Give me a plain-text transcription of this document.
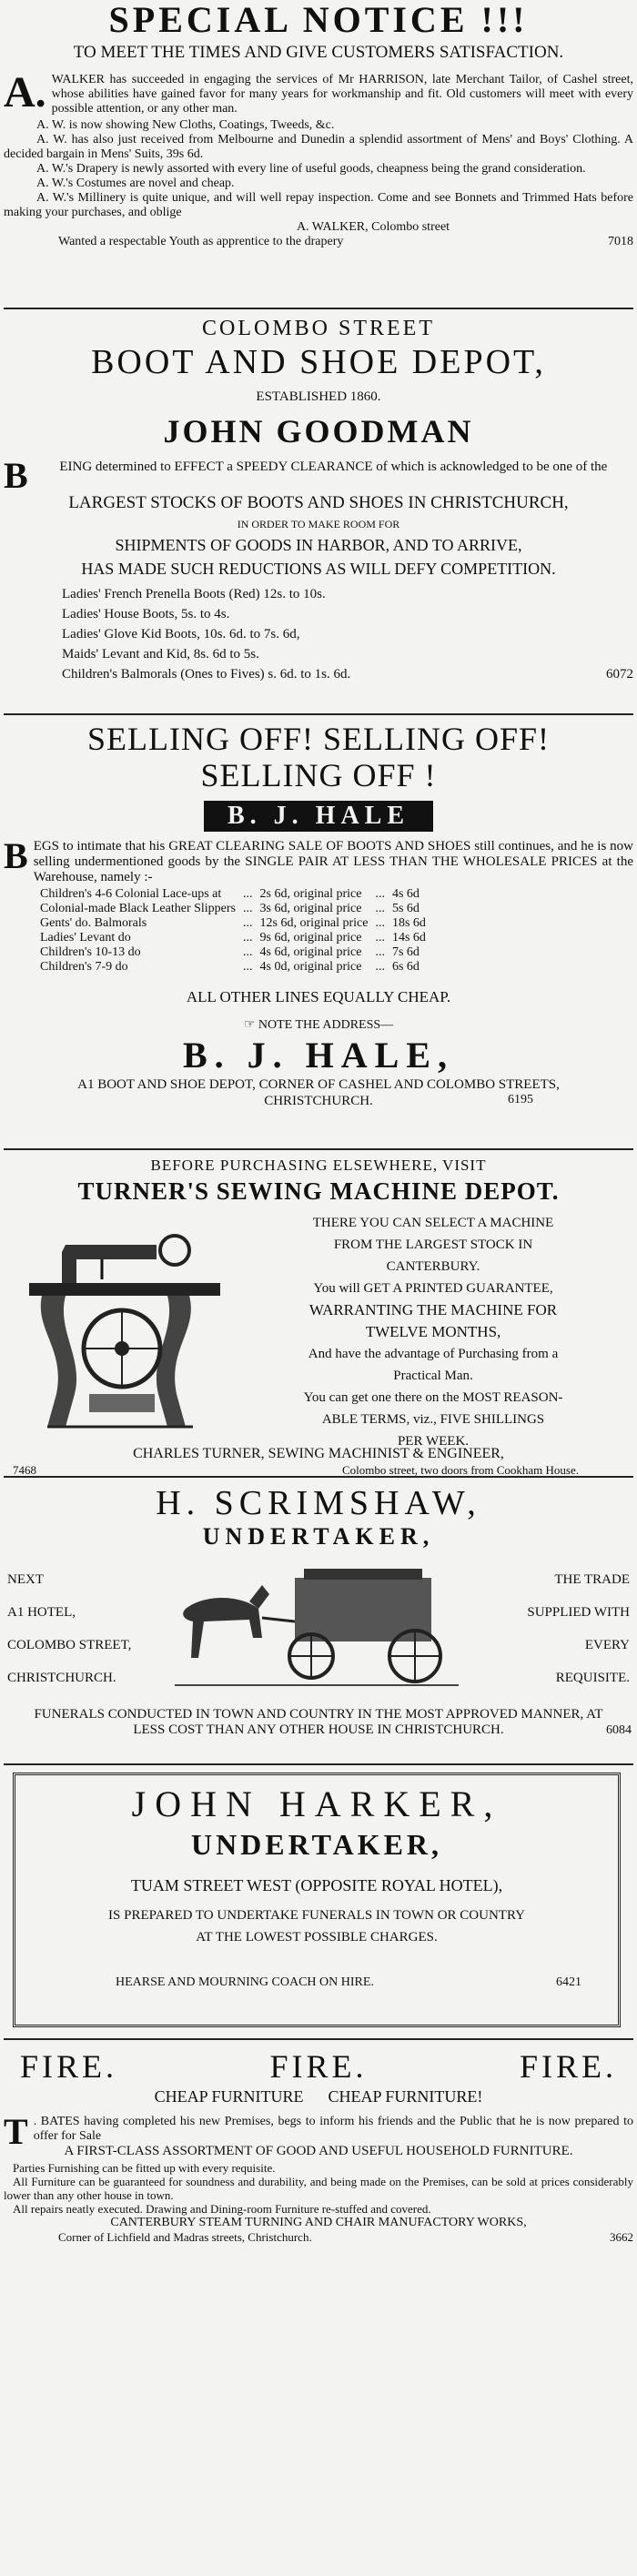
SPECIAL NOTICE !!!
TO MEET THE TIMES AND GIVE CUSTOMERS SATISFACTION.
A. WALKER has succeeded in engaging the services of Mr HARRISON, late Merchant Tailor, of Cashel street, whose abilities have gained favor for many years for workmanship and fit. Old customers will meet with every possible attention, or any other man.
A. W. is now showing New Cloths, Coatings, Tweeds, &c.
A. W. has also just received from Melbourne and Dunedin a splendid assortment of Mens' and Boys' Clothing. A decided bargain in Mens' Suits, 39s 6d.
A. W.'s Drapery is newly assorted with every line of useful goods, cheapness being the grand consideration.
A. W.'s Costumes are novel and cheap.
A. W.'s Millinery is quite unique, and will well repay inspection. Come and see Bonnets and Trimmed Hats before making your purchases, and oblige
A. WALKER, Colombo street
Wanted a respectable Youth as apprentice to the drapery	7018
COLOMBO STREET
BOOT AND SHOE DEPOT,
ESTABLISHED 1860.
JOHN GOODMAN
B EING determined to EFFECT a SPEEDY CLEARANCE of which is acknowledged to be one of the
LARGEST STOCKS OF BOOTS AND SHOES IN CHRISTCHURCH,
IN ORDER TO MAKE ROOM FOR
SHIPMENTS OF GOODS IN HARBOR, AND TO ARRIVE,
HAS MADE SUCH REDUCTIONS AS WILL DEFY COMPETITION.
Ladies' French Prenella Boots (Red) 12s. to 10s.
Ladies' House Boots, 5s. to 4s.
Ladies' Glove Kid Boots, 10s. 6d. to 7s. 6d,
Maids' Levant and Kid, 8s. 6d to 5s.
Children's Balmorals (Ones to Fives) s. 6d. to 1s. 6d.	6072
SELLING OFF! SELLING OFF!
SELLING OFF !
B. J. HALE
B EGS to intimate that his GREAT CLEARING SALE OF BOOTS AND SHOES still continues, and he is now selling undermentioned goods by the SINGLE PAIR AT LESS THAN THE WHOLESALE PRICES at the Warehouse, namely :-
Children's 4-6 Colonial Lace-ups at	...	2s 6d, original price	...	4s 6d
Colonial-made Black Leather Slippers	...	3s 6d, original price	...	5s 6d
Gents' do. Balmorals	...	12s 6d, original price	...	18s 6d
Ladies' Levant do	...	9s 6d, original price	...	14s 6d
Children's 10-13 do	...	4s 6d, original price	...	7s 6d
Children's 7-9 do	...	4s 0d, original price	...	6s 6d
ALL OTHER LINES EQUALLY CHEAP.
☞ NOTE THE ADDRESS—
B. J. HALE,
A1 BOOT AND SHOE DEPOT, CORNER OF CASHEL AND COLOMBO STREETS, CHRISTCHURCH.	6195
BEFORE PURCHASING ELSEWHERE, VISIT
TURNER'S SEWING MACHINE DEPOT.
THERE YOU CAN SELECT A MACHINE
FROM THE LARGEST STOCK IN
CANTERBURY.
You will GET A PRINTED GUARANTEE,
WARRANTING THE MACHINE FOR
TWELVE MONTHS,
And have the advantage of Purchasing from a
Practical Man.
You can get one there on the MOST REASON-
ABLE TERMS, viz., FIVE SHILLINGS
PER WEEK.
CHARLES TURNER, SEWING MACHINIST & ENGINEER,
7468	Colombo street, two doors from Cookham House.
H. SCRIMSHAW,
UNDERTAKER,
NEXT
A1 HOTEL,
COLOMBO STREET,
CHRISTCHURCH.
THE TRADE
SUPPLIED WITH
EVERY
REQUISITE.
FUNERALS CONDUCTED IN TOWN AND COUNTRY IN THE MOST APPROVED MANNER, AT LESS COST THAN ANY OTHER HOUSE IN CHRISTCHURCH.	6084
JOHN HARKER,
UNDERTAKER,
TUAM STREET WEST (OPPOSITE ROYAL HOTEL),
IS PREPARED TO UNDERTAKE FUNERALS IN TOWN OR COUNTRY
AT THE LOWEST POSSIBLE CHARGES.
HEARSE AND MOURNING COACH ON HIRE.	6421
FIRE.	FIRE.	FIRE.
CHEAP FURNITURE      CHEAP FURNITURE!
T . BATES having completed his new Premises, begs to inform his friends and the Public that he is now prepared to offer for Sale
A FIRST-CLASS ASSORTMENT OF GOOD AND USEFUL HOUSEHOLD FURNITURE.
Parties Furnishing can be fitted up with every requisite.
All Furniture can be guaranteed for soundness and durability, and being made on the Premises, can be sold at prices considerably lower than any other house in town.
All repairs neatly executed. Drawing and Dining-room Furniture re-stuffed and covered.
CANTERBURY STEAM TURNING AND CHAIR MANUFACTORY WORKS,
Corner of Lichfield and Madras streets, Christchurch.	3662
